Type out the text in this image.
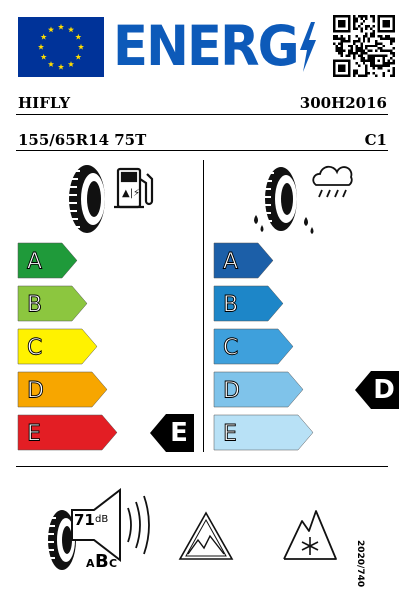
ENERG
HIFLY	300H2016
155/65R14 75T	C1
▲|⚡
A
B
C
D
E
A
B
C
D
E
E
D
71 dB
A B C	2020/740
